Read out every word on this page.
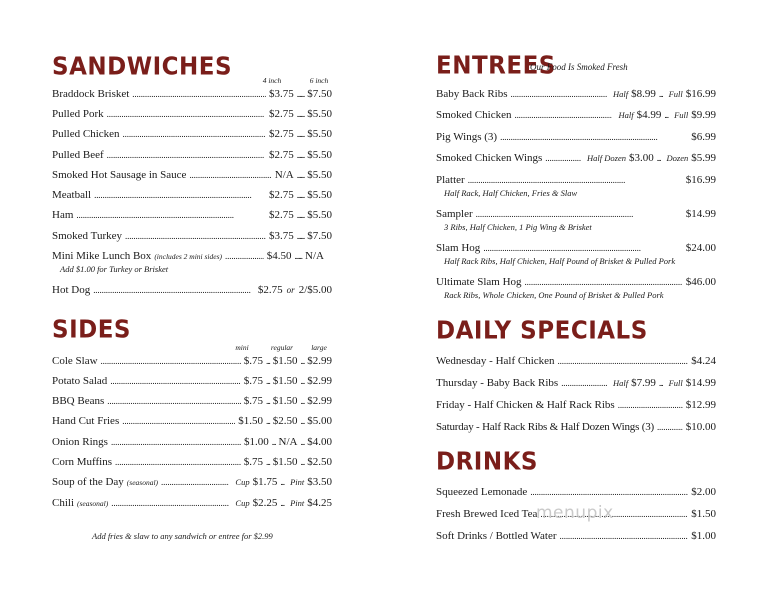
SANDWICHES	4 inch	6 inch
Braddock Brisket . . .	$3.75 ...... $7.50
Pulled Pork . . .	$2.75 ...... $5.50
Pulled Chicken . . .	$2.75 ...... $5.50
Pulled Beef . . .	$2.75 ...... $5.50
Smoked Hot Sausage in Sauce . . .	N/A ...... $5.50
Meatball . . .	$2.75 ...... $5.50
Ham . . .	$2.75 ...... $5.50
Smoked Turkey . . .	$3.75 ...... $7.50
Mini Mike Lunch Box (includes 2 mini sides) . . .	$4.50 ...... N/A
Add $1.00 for Turkey or Brisket
Hot Dog . . .	$2.75 or 2/$5.00
SIDES
mini	regular	large
Cole Slaw . . .	$.75 ... $1.50 ... $2.99
Potato Salad . . .	$.75 ... $1.50 ... $2.99
BBQ Beans . . .	$.75 ... $1.50 ... $2.99
Hand Cut Fries . . .	$1.50 ... $2.50 ... $5.00
Onion Rings . . .	$1.00 ... N/A ... $4.00
Corn Muffins . . .	$.75 ... $1.50 ... $2.50
Soup of the Day (seasonal) . . .	Cup $1.75 ... Pint $3.50
Chili (seasonal) . . .	Cup $2.25 ... Pint $4.25
Add fries & slaw to any sandwich or entree for $2.99
ENTREES
Our Food Is Smoked Fresh
Baby Back Ribs . . .	Half $8.99 ... Full $16.99
Smoked Chicken . . .	Half $4.99 ... Full $9.99
Pig Wings (3) . . .	$6.99
Smoked Chicken Wings . . .	Half Dozen $3.00 ... Dozen $5.99
Platter . . .	$16.99
Half Rack, Half Chicken, Fries & Slaw
Sampler . . .	$14.99
3 Ribs, Half Chicken, 1 Pig Wing & Brisket
Slam Hog . . .	$24.00
Half Rack Ribs, Half Chicken, Half Pound of Brisket & Pulled Pork
Ultimate Slam Hog . . .	$46.00
Rack Ribs, Whole Chicken, One Pound of Brisket & Pulled Pork
DAILY SPECIALS
Wednesday - Half Chicken . . .	$4.24
Thursday - Baby Back Ribs . . .	Half $7.99 ... Full $14.99
Friday - Half Chicken & Half Rack Ribs . . .	$12.99
Saturday - Half Rack Ribs & Half Dozen Wings (3) . . .	$10.00
DRINKS
Squeezed Lemonade . . .	$2.00
Fresh Brewed Iced Tea . . .	$1.50
Soft Drinks / Bottled Water . . .	$1.00
menupix
